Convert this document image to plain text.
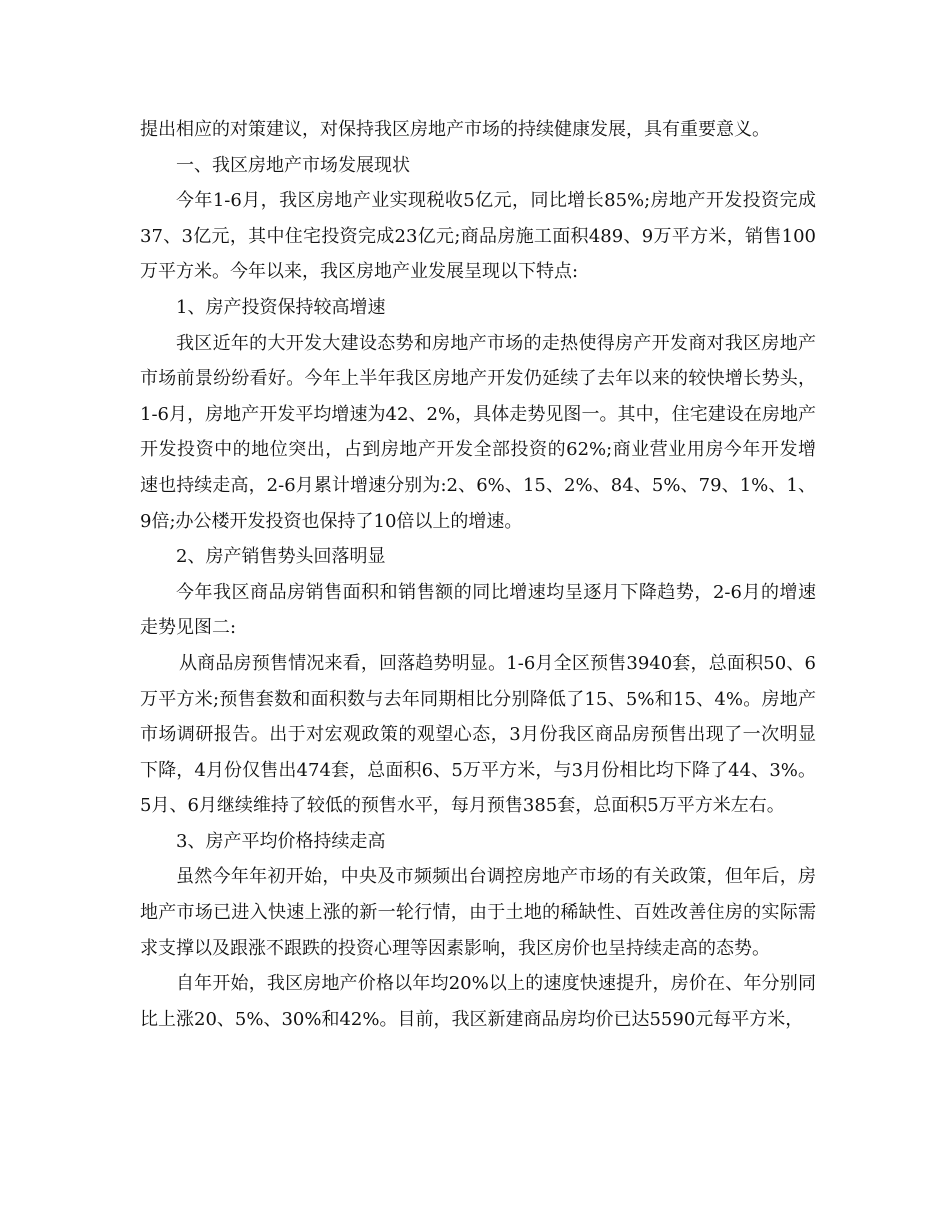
提出相应的对策建议，对保持我区房地产市场的持续健康发展，具有重要意义。

一、我区房地产市场发展现状

今年1-6月，我区房地产业实现税收5亿元，同比增长85%;房地产开发投资完成37、3亿元，其中住宅投资完成23亿元;商品房施工面积489、9万平方米，销售100万平方米。今年以来，我区房地产业发展呈现以下特点:

1、房产投资保持较高增速

我区近年的大开发大建设态势和房地产市场的走热使得房产开发商对我区房地产市场前景纷纷看好。今年上半年我区房地产开发仍延续了去年以来的较快增长势头，1-6月，房地产开发平均增速为42、2%，具体走势见图一。其中，住宅建设在房地产开发投资中的地位突出，占到房地产开发全部投资的62%;商业营业用房今年开发增速也持续走高，2-6月累计增速分别为:2、6%、15、2%、84、5%、79、1%、1、9倍;办公楼开发投资也保持了10倍以上的增速。

2、房产销售势头回落明显

今年我区商品房销售面积和销售额的同比增速均呈逐月下降趋势，2-6月的增速走势见图二:

从商品房预售情况来看，回落趋势明显。1-6月全区预售3940套，总面积50、6万平方米;预售套数和面积数与去年同期相比分别降低了15、5%和15、4%。房地产市场调研报告。出于对宏观政策的观望心态，3月份我区商品房预售出现了一次明显下降，4月份仅售出474套，总面积6、5万平方米，与3月份相比均下降了44、3%。5月、6月继续维持了较低的预售水平，每月预售385套，总面积5万平方米左右。

3、房产平均价格持续走高

虽然今年年初开始，中央及市频频出台调控房地产市场的有关政策，但年后，房地产市场已进入快速上涨的新一轮行情，由于土地的稀缺性、百姓改善住房的实际需求支撑以及跟涨不跟跌的投资心理等因素影响，我区房价也呈持续走高的态势。

自年开始，我区房地产价格以年均20%以上的速度快速提升，房价在、年分别同比上涨20、5%、30%和42%。目前，我区新建商品房均价已达5590元每平方米，
